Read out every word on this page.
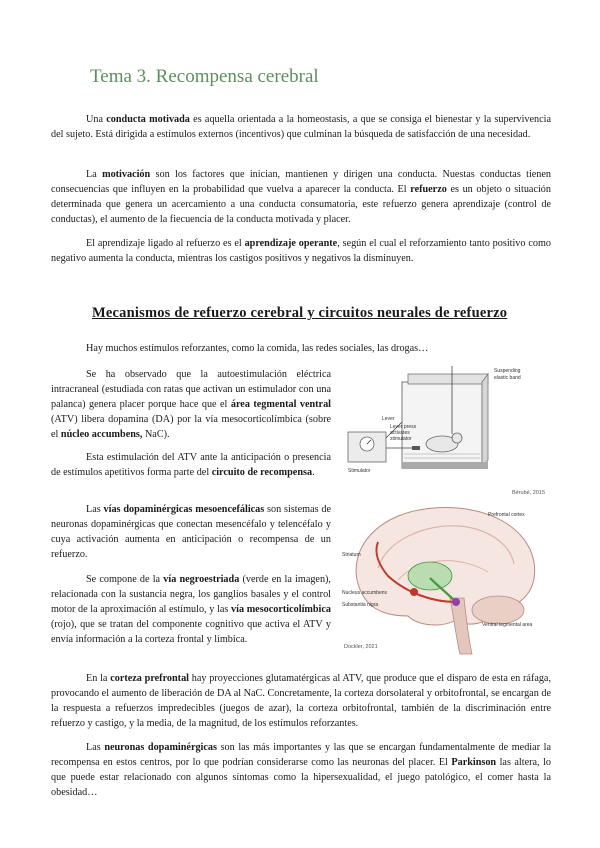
Tema 3. Recompensa cerebral

Una conducta motivada es aquella orientada a la homeostasis, a que se consiga el bienestar y la supervivencia del sujeto. Está dirigida a estímulos externos (incentivos) que culminan la búsqueda de satisfacción de una necesidad.

La motivación son los factores que inician, mantienen y dirigen una conducta. Nuestas conductas tienen consecuencias que influyen en la probabilidad que vuelva a aparecer la conducta. El refuerzo es un objeto o situación determinada que genera un acercamiento a una conducta consumatoria, este refuerzo genera aprendizaje (control de conductas), el aumento de la fiecuencia de la conducta motivada y placer.

El aprendizaje ligado al refuerzo es el aprendizaje operante, según el cual el reforzamiento tanto positivo como negativo aumenta la conducta, mientras los castigos positivos y negativos la disminuyen.

Mecanismos de refuerzo cerebral y circuitos neurales de refuerzo

Hay muchos estímulos reforzantes, como la comida, las redes sociales, las drogas…

Se ha observado que la autoestimulación eléctrica intracraneal (estudiada con ratas que activan un estimulador con una palanca) genera placer porque hace que el área tegmental ventral (ATV) libera dopamina (DA) por la vía mesocorticolímbica (sobre el núcleo accumbens, NaC).

Esta estimulación del ATV ante la anticipación o presencia de estímulos apetitivos forma parte del circuito de recompensa.

Las vías dopaminérgicas mesoencefálicas son sistemas de neuronas dopaminérgicas que conectan mesencéfalo y telencéfalo y cuya activación aumenta en anticipación o recompensa de un refuerzo.

Se compone de la vía negroestriada (verde en la imagen), relacionada con la sustancia negra, los ganglios basales y el control motor de la aproximación al estímulo, y las vía mesocorticolímbica (rojo), que se tratan del componente cognitivo que activa el ATV y envía información a la corteza frontal y límbica.

En la corteza prefrontal hay proyecciones glutamatérgicas al ATV, que produce que el disparo de esta en ráfaga, provocando el aumento de liberación de DA al NaC. Concretamente, la corteza dorsolateral y orbitofrontal, se encargan de la respuesta a refuerzos impredecibles (juegos de azar), la corteza orbitofrontal, también de la discriminación entre refuerzo y castigo, y la media, de la magnitud, de los estímulos reforzantes.

Las neuronas dopaminérgicas son las más importantes y las que se encargan fundamentalmente de mediar la recompensa en estos centros, por lo que podrían considerarse como las neuronas del placer. El Parkinson las altera, lo que puede estar relacionado con algunos síntomas como la hipersexualidad, el juego patológico, el comer hasta la obesidad…

Suspending
elastic band
Lever
Lever press
activates
stimulator
Stimulator
Bérubé, 2015
Prefrontal cortex
Striatum
Nucleus accumbens
Substantia nigra
Ventral tegmental area
Dockler, 2021
